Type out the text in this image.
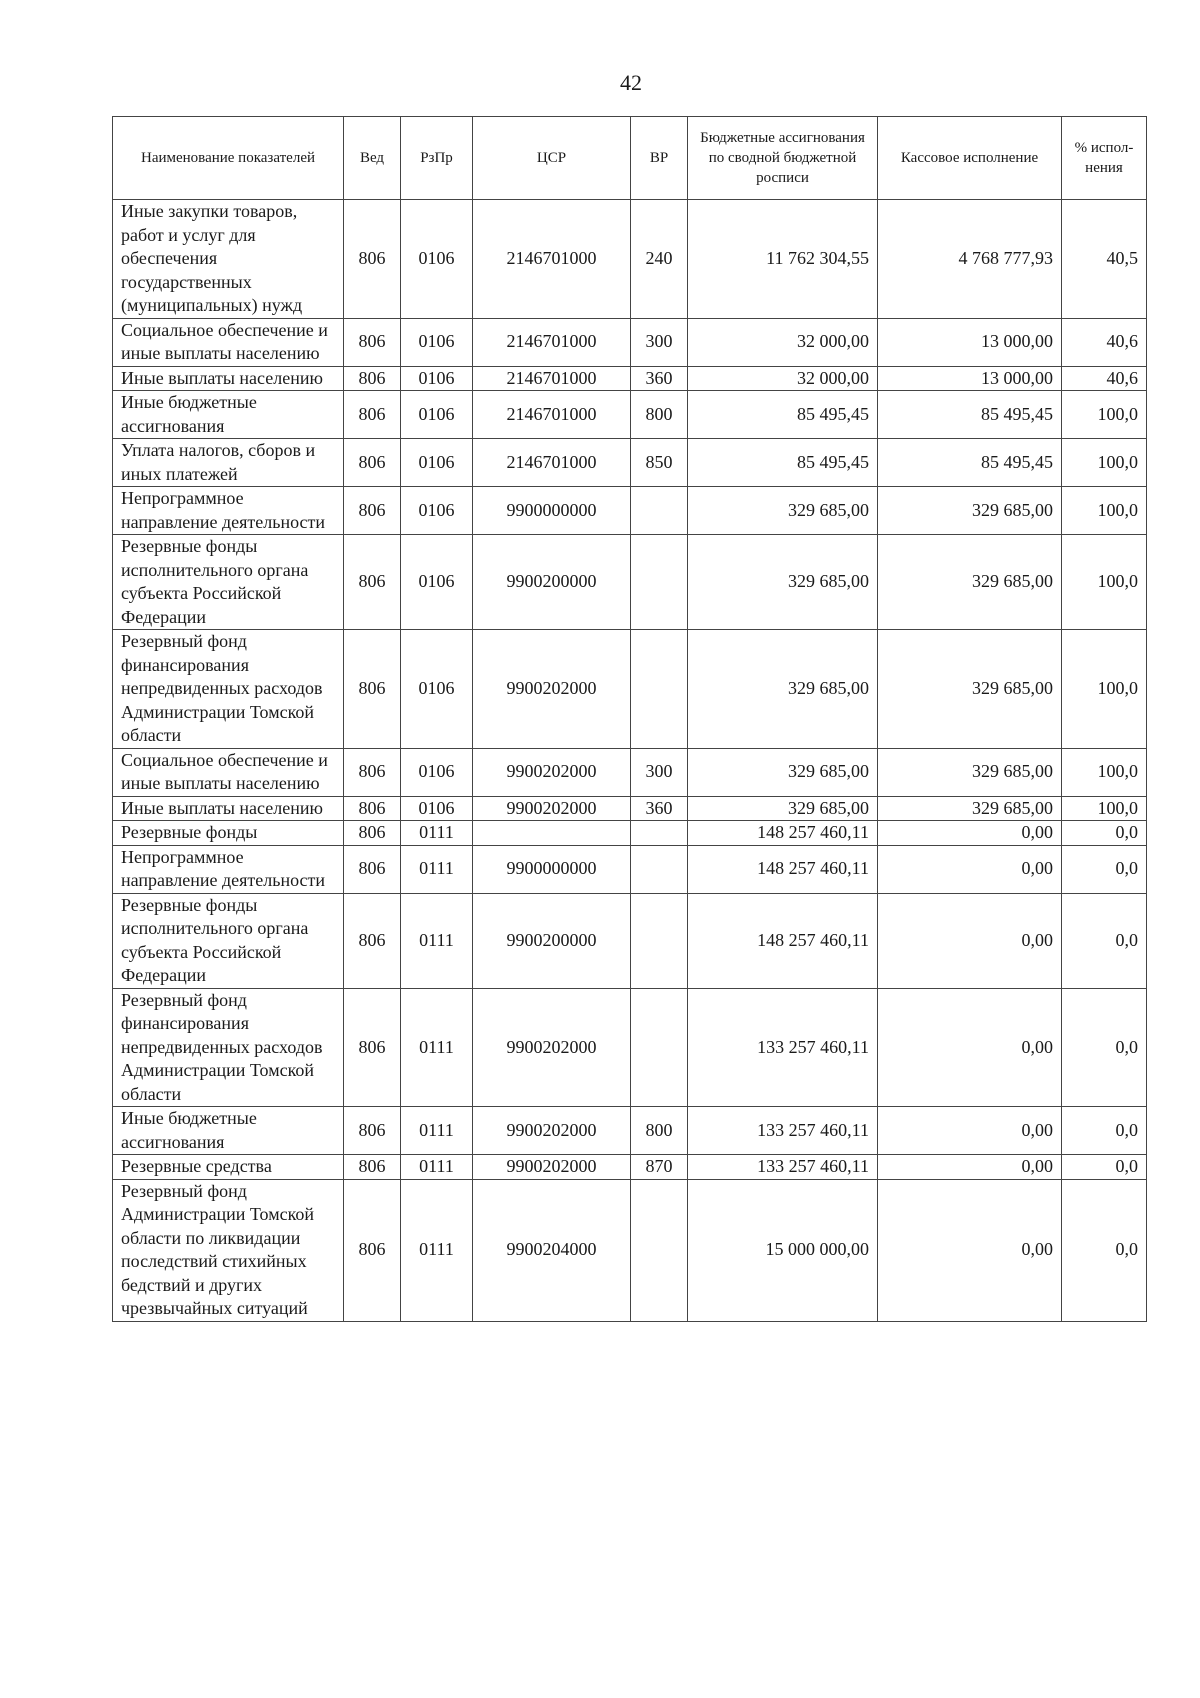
42
Наименование показателей	Вед	РзПр	ЦСР	ВР	Бюджетные ассигнования по сводной бюджетной росписи	Кассовое исполнение	% испол-нения
Иные закупки товаров, работ и услуг для обеспечения государственных (муниципальных) нужд	806	0106	2146701000	240	11 762 304,55	4 768 777,93	40,5
Социальное обеспечение и иные выплаты населению	806	0106	2146701000	300	32 000,00	13 000,00	40,6
Иные выплаты населению	806	0106	2146701000	360	32 000,00	13 000,00	40,6
Иные бюджетные ассигнования	806	0106	2146701000	800	85 495,45	85 495,45	100,0
Уплата налогов, сборов и иных платежей	806	0106	2146701000	850	85 495,45	85 495,45	100,0
Непрограммное направление деятельности	806	0106	9900000000		329 685,00	329 685,00	100,0
Резервные фонды исполнительного органа субъекта Российской Федерации	806	0106	9900200000		329 685,00	329 685,00	100,0
Резервный фонд финансирования непредвиденных расходов Администрации Томской области	806	0106	9900202000		329 685,00	329 685,00	100,0
Социальное обеспечение и иные выплаты населению	806	0106	9900202000	300	329 685,00	329 685,00	100,0
Иные выплаты населению	806	0106	9900202000	360	329 685,00	329 685,00	100,0
Резервные фонды	806	0111			148 257 460,11	0,00	0,0
Непрограммное направление деятельности	806	0111	9900000000		148 257 460,11	0,00	0,0
Резервные фонды исполнительного органа субъекта Российской Федерации	806	0111	9900200000		148 257 460,11	0,00	0,0
Резервный фонд финансирования непредвиденных расходов Администрации Томской области	806	0111	9900202000		133 257 460,11	0,00	0,0
Иные бюджетные ассигнования	806	0111	9900202000	800	133 257 460,11	0,00	0,0
Резервные средства	806	0111	9900202000	870	133 257 460,11	0,00	0,0
Резервный фонд Администрации Томской области по ликвидации последствий стихийных бедствий и других чрезвычайных ситуаций	806	0111	9900204000		15 000 000,00	0,00	0,0
